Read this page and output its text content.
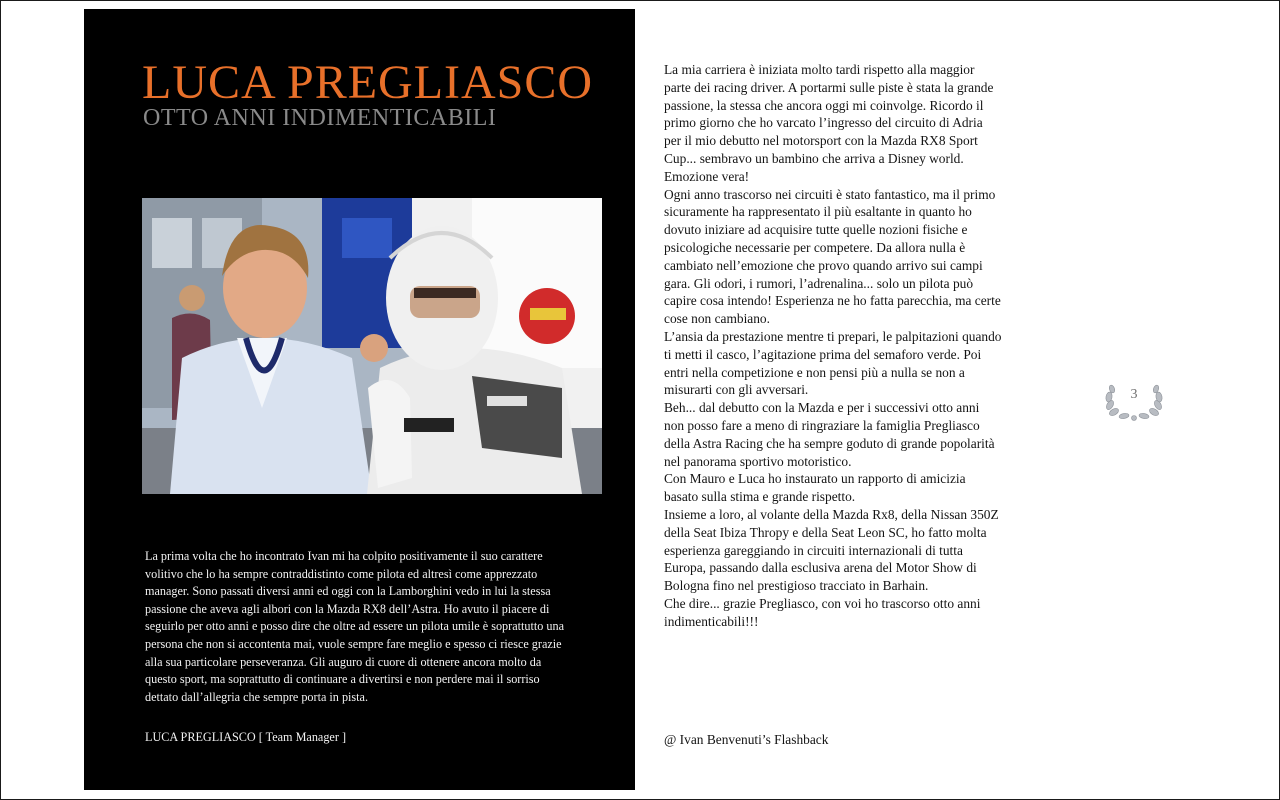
LUCA PREGLIASCO
OTTO ANNI INDIMENTICABILI

La prima volta che ho incontrato Ivan mi ha colpito positivamente il suo carattere volitivo che lo ha sempre contraddistinto come pilota ed altresì come apprezzato manager. Sono passati diversi anni ed oggi con la Lamborghini vedo in lui la stessa passione che aveva agli albori con la Mazda RX8 dell’Astra. Ho avuto il piacere di seguirlo per otto anni e posso dire che oltre ad essere un pilota umile è soprattutto una persona che non si accontenta mai, vuole sempre fare meglio e spesso ci riesce grazie alla sua particolare perseveranza. Gli auguro di cuore di ottenere ancora molto da questo sport, ma soprattutto di continuare a divertirsi e non perdere mai il sorriso dettato dall’allegria che sempre porta in pista.

LUCA PREGLIASCO [ Team Manager ]

La mia carriera è iniziata molto tardi rispetto alla maggior parte dei racing driver. A portarmi sulle piste è stata la grande passione, la stessa che ancora oggi mi coinvolge. Ricordo il primo giorno che ho varcato l’ingresso del circuito di Adria per il mio debutto nel motorsport con la Mazda RX8 Sport Cup... sembravo un bambino che arriva a Disney world. Emozione vera!

Ogni anno trascorso nei circuiti è stato fantastico, ma il primo sicuramente ha rappresentato il più esaltante in quanto ho dovuto iniziare ad acquisire tutte quelle nozioni fisiche e psicologiche necessarie per competere. Da allora nulla è cambiato nell’emozione che provo quando arrivo sui campi gara. Gli odori, i rumori, l’adrenalina... solo un pilota può capire cosa intendo! Esperienza ne ho fatta parecchia, ma certe cose non cambiano.

L’ansia da prestazione mentre ti prepari, le palpitazioni quando ti metti il casco, l’agitazione prima del semaforo verde. Poi entri nella competizione e non pensi più a nulla se non a misurarti con gli avversari.

Beh... dal debutto con la Mazda e per i successivi otto anni non posso fare a meno di ringraziare la famiglia Pregliasco della Astra Racing che ha sempre goduto di grande popolarità nel panorama sportivo motoristico.

Con Mauro e Luca ho instaurato un rapporto di amicizia basato sulla stima e grande rispetto.

Insieme a loro, al volante della Mazda Rx8, della Nissan 350Z della Seat Ibiza Thropy e della Seat Leon SC, ho fatto molta esperienza gareggiando in circuiti internazionali di tutta Europa, passando dalla esclusiva arena del Motor Show di Bologna fino nel prestigioso tracciato in Barhain.

Che dire... grazie Pregliasco, con voi ho trascorso otto anni indimenticabili!!!

@ Ivan Benvenuti’s Flashback

3
